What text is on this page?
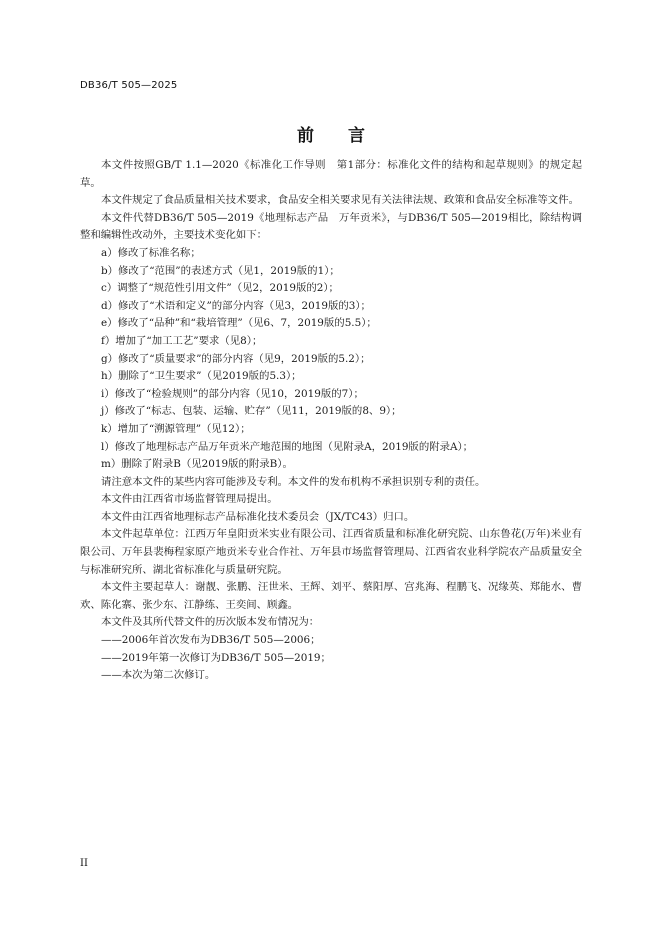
DB36/T 505—2025
前 言

本文件按照GB/T 1.1—2020《标准化工作导则　第1部分：标准化文件的结构和起草规则》的规定起草。

本文件规定了食品质量相关技术要求，食品安全相关要求见有关法律法规、政策和食品安全标准等文件。

本文件代替DB36/T 505—2019《地理标志产品　万年贡米》，与DB36/T 505—2019相比，除结构调整和编辑性改动外，主要技术变化如下：

a）修改了标准名称；

b）修改了“范围”的表述方式（见1，2019版的1）；

c）调整了“规范性引用文件”（见2，2019版的2）；

d）修改了“术语和定义”的部分内容（见3，2019版的3）；

e）修改了“品种”和“栽培管理”（见6、7，2019版的5.5）；

f）增加了“加工工艺”要求（见8）；

g）修改了“质量要求”的部分内容（见9，2019版的5.2）；

h）删除了“卫生要求”（见2019版的5.3）；

i）修改了“检验规则”的部分内容（见10，2019版的7）；

j）修改了“标志、包装、运输、贮存”（见11，2019版的8、9）；

k）增加了“溯源管理”（见12）；

l）修改了地理标志产品万年贡米产地范围的地图（见附录A，2019版的附录A）；

m）删除了附录B（见2019版的附录B）。

请注意本文件的某些内容可能涉及专利。本文件的发布机构不承担识别专利的责任。

本文件由江西省市场监督管理局提出。

本文件由江西省地理标志产品标准化技术委员会（JX/TC43）归口。

本文件起草单位：江西万年皇阳贡米实业有限公司、江西省质量和标准化研究院、山东鲁花(万年)米业有限公司、万年县裴梅程家原产地贡米专业合作社、万年县市场监督管理局、江西省农业科学院农产品质量安全与标准研究所、湖北省标准化与质量研究院。

本文件主要起草人：谢靓、张鹏、汪世米、王辉、刘平、蔡阳厚、宫兆海、程鹏飞、况缘英、郑能水、曹欢、陈化寨、张少东、江静练、王奕间、顾鑫。

本文件及其所代替文件的历次版本发布情况为：

——2006年首次发布为DB36/T 505—2006；

——2019年第一次修订为DB36/T 505—2019；

——本次为第二次修订。

II
